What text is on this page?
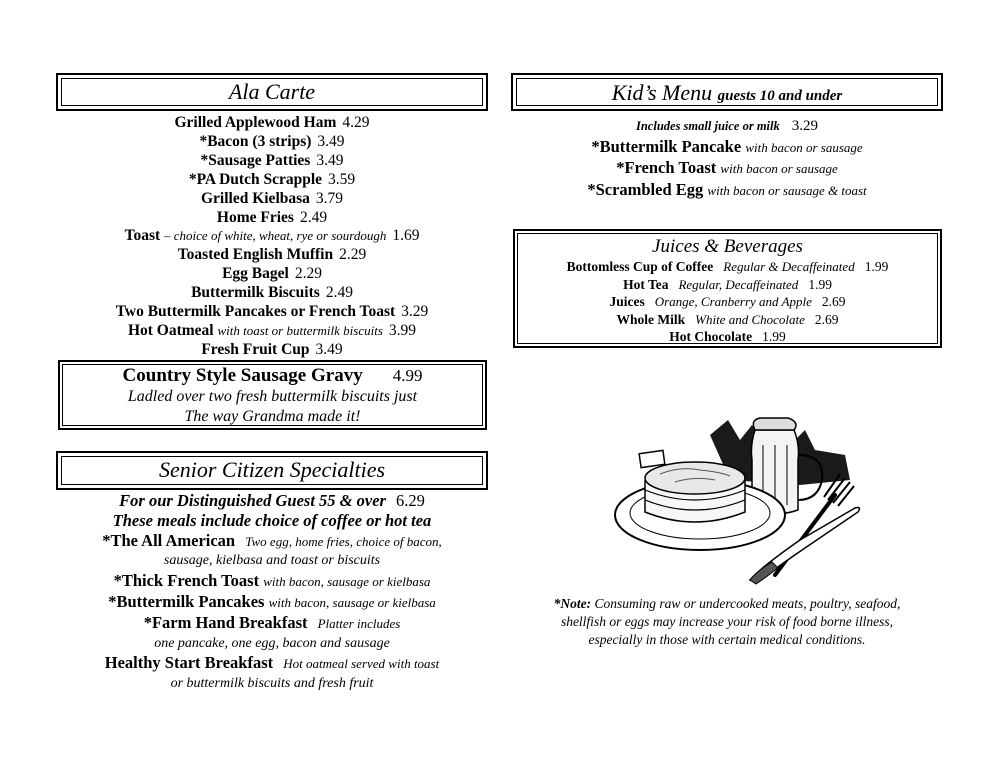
Ala Carte
Grilled Applewood Ham 4.29
*Bacon (3 strips) 3.49
*Sausage Patties 3.49
*PA Dutch Scrapple 3.59
Grilled Kielbasa 3.79
Home Fries 2.49
Toast – choice of white, wheat, rye or sourdough 1.69
Toasted English Muffin 2.29
Egg Bagel 2.29
Buttermilk Biscuits 2.49
Two Buttermilk Pancakes or French Toast 3.29
Hot Oatmeal with toast or buttermilk biscuits 3.99
Fresh Fruit Cup 3.49
Country Style Sausage Gravy 4.99
Ladled over two fresh buttermilk biscuits just
The way Grandma made it!
Senior Citizen Specialties
For our Distinguished Guest 55 & over 6.29
These meals include choice of coffee or hot tea
*The All American Two egg, home fries, choice of bacon,
sausage, kielbasa and toast or biscuits
*Thick French Toast with bacon, sausage or kielbasa
*Buttermilk Pancakes with bacon, sausage or kielbasa
*Farm Hand Breakfast Platter includes
one pancake, one egg, bacon and sausage
Healthy Start Breakfast Hot oatmeal served with toast
or buttermilk biscuits and fresh fruit
Kid’s Menu guests 10 and under
Includes small juice or milk 3.29
*Buttermilk Pancake with bacon or sausage
*French Toast with bacon or sausage
*Scrambled Egg with bacon or sausage & toast
Juices & Beverages
Bottomless Cup of Coffee Regular & Decaffeinated 1.99
Hot Tea Regular, Decaffeinated 1.99
Juices Orange, Cranberry and Apple 2.69
Whole Milk White and Chocolate 2.69
Hot Chocolate 1.99
*Note: Consuming raw or undercooked meats, poultry, seafood,
shellfish or eggs may increase your risk of food borne illness,
especially in those with certain medical conditions.
